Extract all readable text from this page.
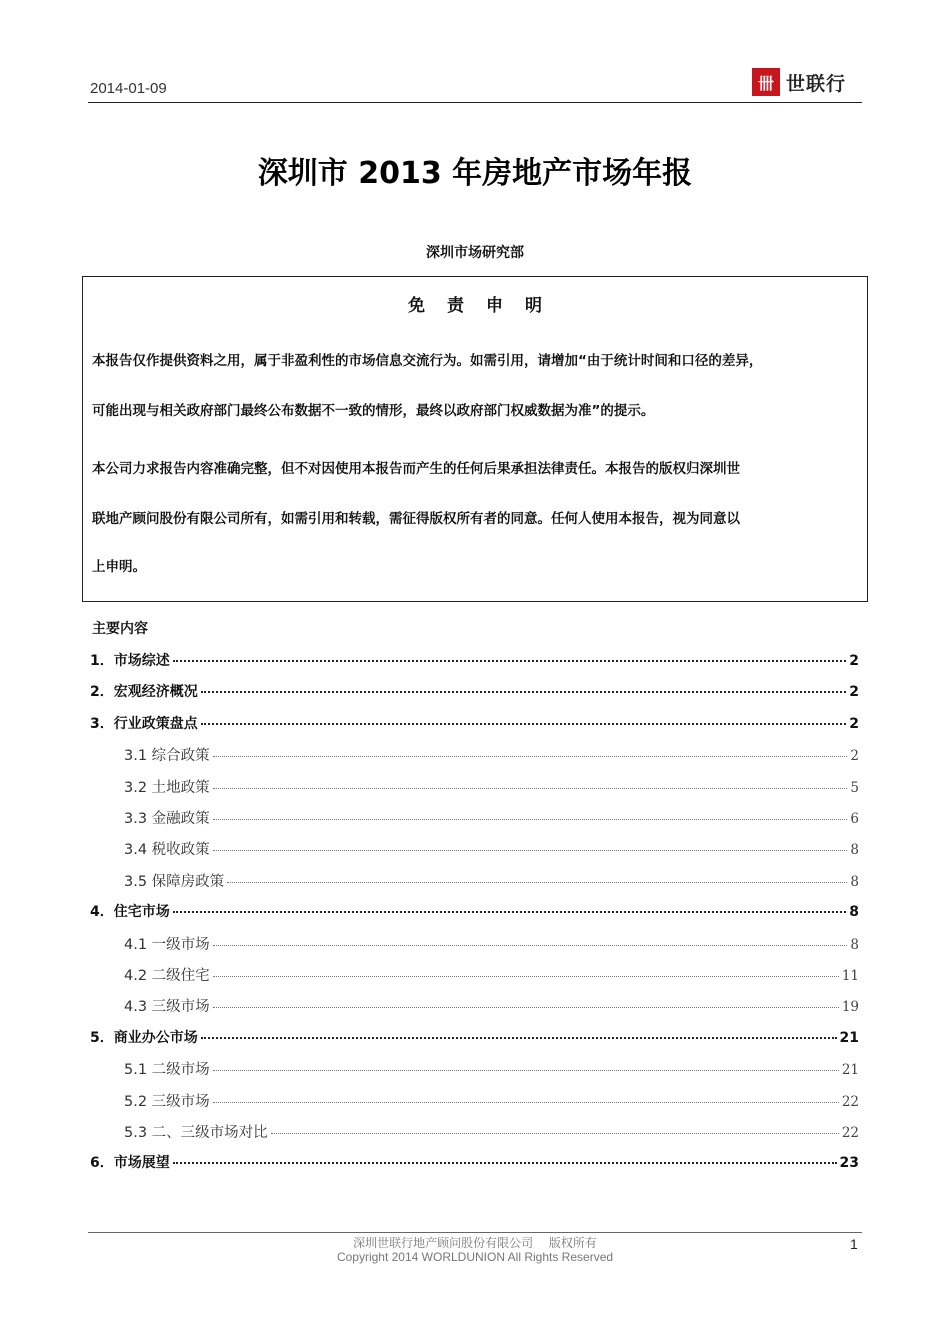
2014-01-09	卌 世联行
深圳市 2013 年房地产市场年报
深圳市场研究部
免责申明
本报告仅作提供资料之用，属于非盈利性的市场信息交流行为。如需引用，请增加“由于统计时间和口径的差异，
可能出现与相关政府部门最终公布数据不一致的情形，最终以政府部门权威数据为准”的提示。
本公司力求报告内容准确完整，但不对因使用本报告而产生的任何后果承担法律责任。本报告的版权归深圳世
联地产顾问股份有限公司所有，如需引用和转载，需征得版权所有者的同意。任何人使用本报告，视为同意以
上申明。
主要内容
1．市场综述	2
2．宏观经济概况	2
3．行业政策盘点	2
3.1 综合政策	2
3.2 土地政策	5
3.3 金融政策	6
3.4 税收政策	8
3.5 保障房政策	8
4．住宅市场	8
4.1 一级市场	8
4.2 二级住宅	11
4.3 三级市场	19
5．商业办公市场	21
5.1 二级市场	21
5.2 三级市场	22
5.3 二、三级市场对比	22
6．市场展望	23
深圳世联行地产顾问股份有限公司　 版权所有
Copyright 2014 WORLDUNION All Rights Reserved
1
